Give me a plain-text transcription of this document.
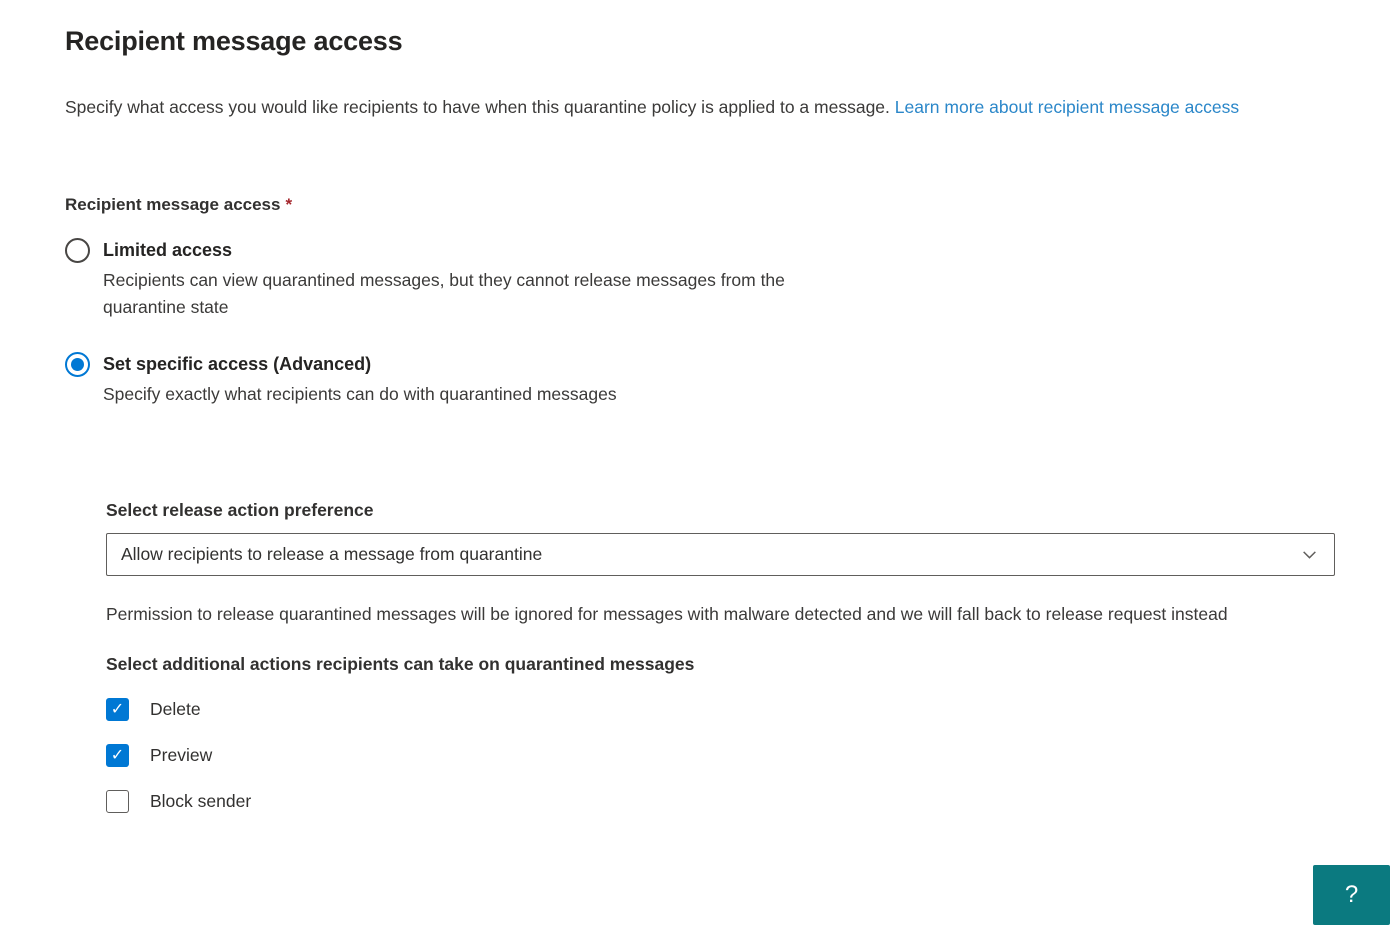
Recipient message access
Specify what access you would like recipients to have when this quarantine policy is applied to a message. Learn more about recipient message access
Recipient message access *
Limited access
Recipients can view quarantined messages, but they cannot release messages from the quarantine state
Set specific access (Advanced)
Specify exactly what recipients can do with quarantined messages
Select release action preference
Allow recipients to release a message from quarantine
Permission to release quarantined messages will be ignored for messages with malware detected and we will fall back to release request instead
Select additional actions recipients can take on quarantined messages
✓ Delete
✓ Preview
Block sender
?
